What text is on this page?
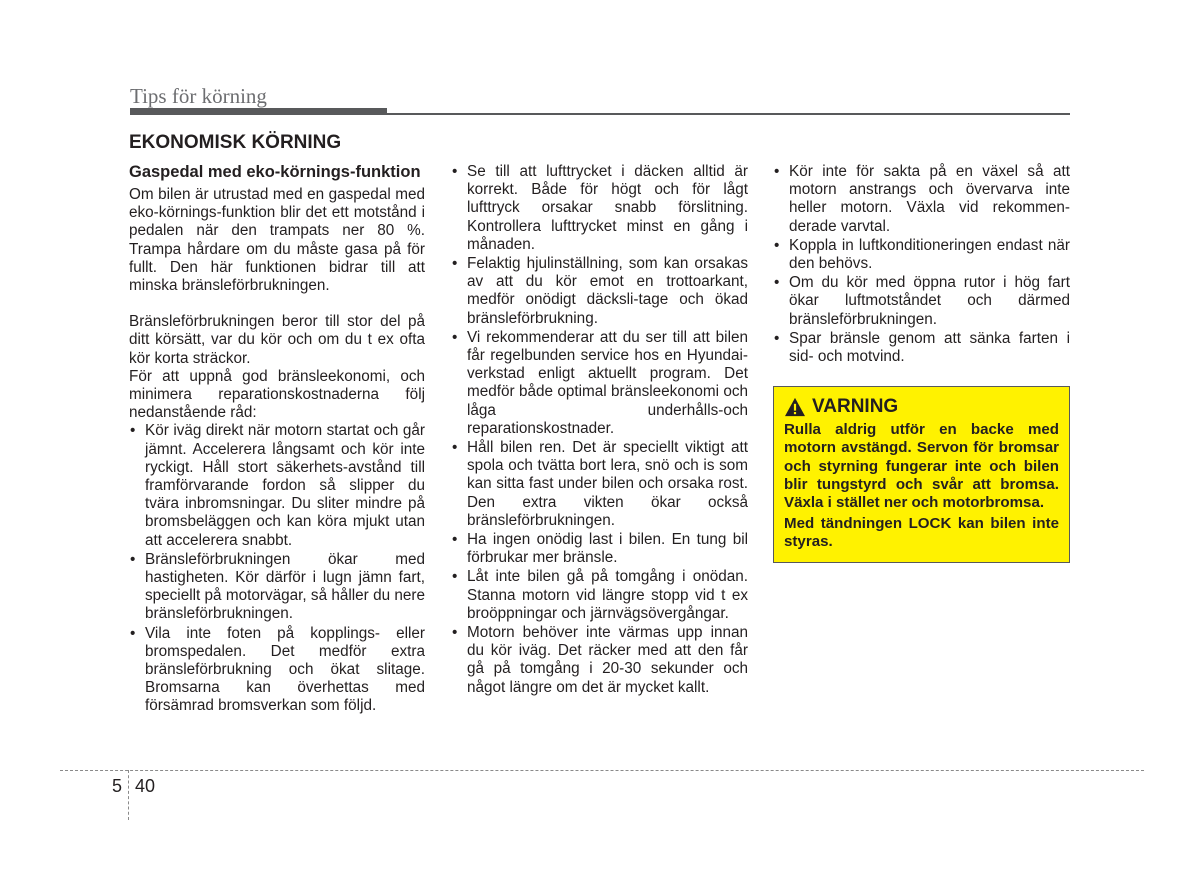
Tips för körning
EKONOMISK KÖRNING
Gaspedal med eko-körnings-funktion

Om bilen är utrustad med en gaspedal med eko-körnings-funktion blir det ett motstånd i pedalen när den trampats ner 80 %. Trampa hårdare om du måste gasa på för fullt. Den här funktionen bidrar till att minska bränsleförbrukningen.

Bränsleförbrukningen beror till stor del på ditt körsätt, var du kör och om du t ex ofta kör korta sträckor.

För att uppnå god bränsleekonomi, och minimera reparationskostnaderna följ nedanstående råd:

• Kör iväg direkt när motorn startat och går jämnt. Accelerera långsamt och kör inte ryckigt. Håll stort säkerhets-avstånd till framförvarande fordon så slipper du tvära inbromsningar. Du sliter mindre på bromsbeläggen och kan köra mjukt utan att accelerera snabbt.
• Bränsleförbrukningen ökar med hastigheten. Kör därför i lugn jämn fart, speciellt på motorvägar, så håller du nere bränsleförbrukningen.
• Vila inte foten på kopplings- eller bromspedalen. Det medför extra bränsleförbrukning och ökat slitage. Bromsarna kan överhettas med försämrad bromsverkan som följd.
• Se till att lufttrycket i däcken alltid är korrekt. Både för högt och för lågt lufttryck orsakar snabb förslitning. Kontrollera lufttrycket minst en gång i månaden.
• Felaktig hjulinställning, som kan orsakas av att du kör emot en trottoarkant, medför onödigt däcksli-tage och ökad bränsleförbrukning.
• Vi rekommenderar att du ser till att bilen får regelbunden service hos en Hyundai-verkstad enligt aktuellt program. Det medför både optimal bränsleekonomi och låga underhålls-och reparationskostnader.
• Håll bilen ren. Det är speciellt viktigt att spola och tvätta bort lera, snö och is som kan sitta fast under bilen och orsaka rost. Den extra vikten ökar också bränsleförbrukningen.
• Ha ingen onödig last i bilen. En tung bil förbrukar mer bränsle.
• Låt inte bilen gå på tomgång i onödan. Stanna motorn vid längre stopp vid t ex broöppningar och järnvägsövergångar.
• Motorn behöver inte värmas upp innan du kör iväg. Det räcker med att den får gå på tomgång i 20-30 sekunder och något längre om det är mycket kallt.
• Kör inte för sakta på en växel så att motorn anstrangs och övervarva inte heller motorn. Växla vid rekommen-derade varvtal.
• Koppla in luftkonditioneringen endast när den behövs.
• Om du kör med öppna rutor i hög fart ökar luftmotståndet och därmed bränsleförbrukningen.
• Spar bränsle genom att sänka farten i sid- och motvind.
VARNING

Rulla aldrig utför en backe med motorn avstängd. Servon för bromsar och styrning fungerar inte och bilen blir tungstyrd och svår att bromsa. Växla i stället ner och motorbromsa.

Med tändningen LOCK kan bilen inte styras.

5 40
